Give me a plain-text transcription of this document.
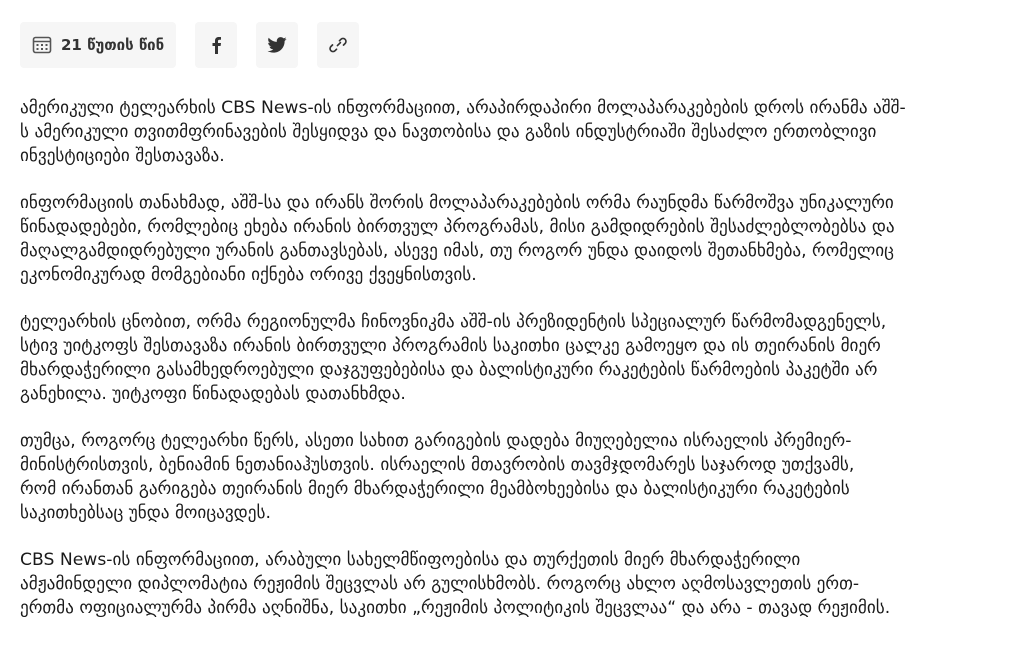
21 წუთის წინ

ამერიკული ტელეარხის CBS News-ის ინფორმაციით, არაპირდაპირი მოლაპარაკებების დროს ირანმა აშშ-
ს ამერიკული თვითმფრინავების შესყიდვა და ნავთობისა და გაზის ინდუსტრიაში შესაძლო ერთობლივი
ინვესტიციები შესთავაზა.

ინფორმაციის თანახმად, აშშ-სა და ირანს შორის მოლაპარაკებების ორმა რაუნდმა წარმოშვა უნიკალური
წინადადებები, რომლებიც ეხება ირანის ბირთვულ პროგრამას, მისი გამდიდრების შესაძლებლობებსა და
მაღალგამდიდრებული ურანის განთავსებას, ასევე იმას, თუ როგორ უნდა დაიდოს შეთანხმება, რომელიც
ეკონომიკურად მომგებიანი იქნება ორივე ქვეყნისთვის.

ტელეარხის ცნობით, ორმა რეგიონულმა ჩინოვნიკმა აშშ-ის პრეზიდენტის სპეციალურ წარმომადგენელს,
სტივ უიტკოფს შესთავაზა ირანის ბირთვული პროგრამის საკითხი ცალკე გამოეყო და ის თეირანის მიერ
მხარდაჭერილი გასამხედროებული დაჯგუფებებისა და ბალისტიკური რაკეტების წარმოების პაკეტში არ
განეხილა. უიტკოფი წინადადებას დათანხმდა.

თუმცა, როგორც ტელეარხი წერს, ასეთი სახით გარიგების დადება მიუღებელია ისრაელის პრემიერ-
მინისტრისთვის, ბენიამინ ნეთანიაჰუსთვის. ისრაელის მთავრობის თავმჯდომარეს საჯაროდ უთქვამს,
რომ ირანთან გარიგება თეირანის მიერ მხარდაჭერილი მეამბოხეებისა და ბალისტიკური რაკეტების
საკითხებსაც უნდა მოიცავდეს.

CBS News-ის ინფორმაციით, არაბული სახელმწიფოებისა და თურქეთის მიერ მხარდაჭერილი
ამჟამინდელი დიპლომატია რეჟიმის შეცვლას არ გულისხმობს. როგორც ახლო აღმოსავლეთის ერთ-
ერთმა ოფიციალურმა პირმა აღნიშნა, საკითხი „რეჟიმის პოლიტიკის შეცვლაა“ და არა - თავად რეჟიმის.
